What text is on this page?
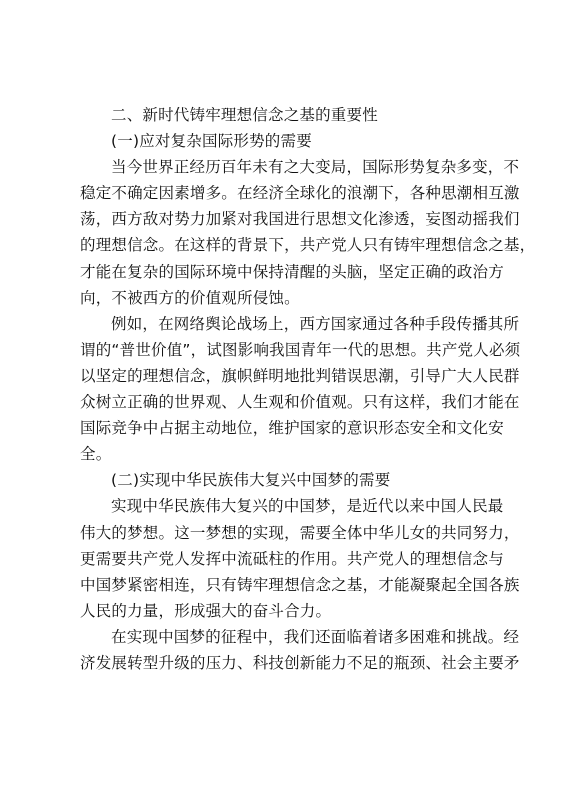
二、新时代铸牢理想信念之基的重要性
(一)应对复杂国际形势的需要
当今世界正经历百年未有之大变局，国际形势复杂多变，不
稳定不确定因素增多。在经济全球化的浪潮下，各种思潮相互激
荡，西方敌对势力加紧对我国进行思想文化渗透，妄图动摇我们
的理想信念。在这样的背景下，共产党人只有铸牢理想信念之基，
才能在复杂的国际环境中保持清醒的头脑，坚定正确的政治方
向，不被西方的价值观所侵蚀。
例如，在网络舆论战场上，西方国家通过各种手段传播其所
谓的“普世价值”，试图影响我国青年一代的思想。共产党人必须
以坚定的理想信念，旗帜鲜明地批判错误思潮，引导广大人民群
众树立正确的世界观、人生观和价值观。只有这样，我们才能在
国际竞争中占据主动地位，维护国家的意识形态安全和文化安
全。
(二)实现中华民族伟大复兴中国梦的需要
实现中华民族伟大复兴的中国梦，是近代以来中国人民最
伟大的梦想。这一梦想的实现，需要全体中华儿女的共同努力，
更需要共产党人发挥中流砥柱的作用。共产党人的理想信念与
中国梦紧密相连，只有铸牢理想信念之基，才能凝聚起全国各族
人民的力量，形成强大的奋斗合力。
在实现中国梦的征程中，我们还面临着诸多困难和挑战。经
济发展转型升级的压力、科技创新能力不足的瓶颈、社会主要矛
